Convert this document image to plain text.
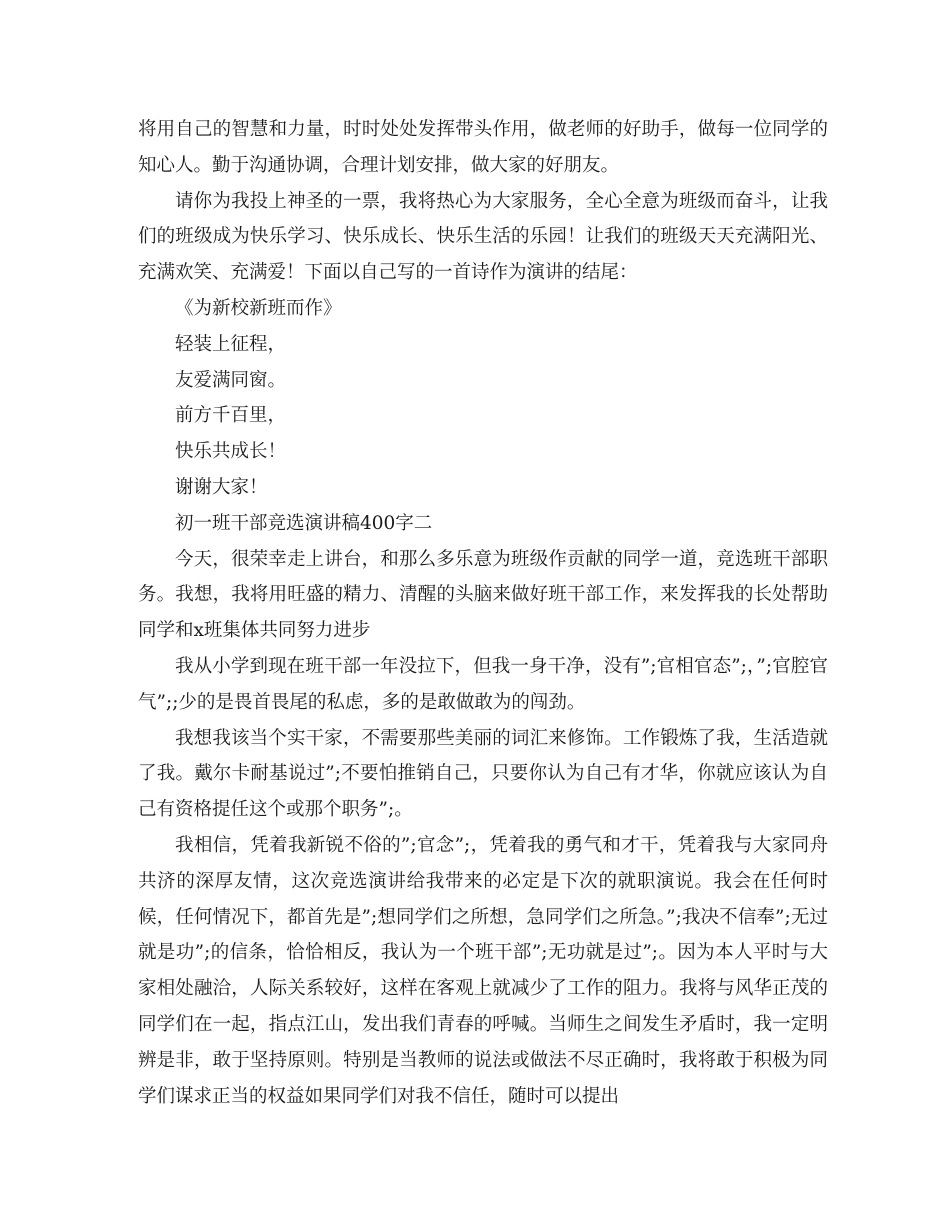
将用自己的智慧和力量，时时处处发挥带头作用，做老师的好助手，做每一位同学的知心人。勤于沟通协调，合理计划安排，做大家的好朋友。

请你为我投上神圣的一票，我将热心为大家服务，全心全意为班级而奋斗，让我们的班级成为快乐学习、快乐成长、快乐生活的乐园！让我们的班级天天充满阳光、充满欢笑、充满爱！下面以自己写的一首诗作为演讲的结尾：

《为新校新班而作》

轻装上征程，

友爱满同窗。

前方千百里，

快乐共成长！

谢谢大家！

初一班干部竞选演讲稿400字二

今天，很荣幸走上讲台，和那么多乐意为班级作贡献的同学一道，竞选班干部职务。我想，我将用旺盛的精力、清醒的头脑来做好班干部工作，来发挥我的长处帮助同学和x班集体共同努力进步

我从小学到现在班干部一年没拉下，但我一身干净，没有”;官相官态”;，”;官腔官气”;;少的是畏首畏尾的私虑，多的是敢做敢为的闯劲。

我想我该当个实干家，不需要那些美丽的词汇来修饰。工作锻炼了我，生活造就了我。戴尔卡耐基说过”;不要怕推销自己，只要你认为自己有才华，你就应该认为自己有资格提任这个或那个职务”;。

我相信，凭着我新锐不俗的”;官念”;，凭着我的勇气和才干，凭着我与大家同舟共济的深厚友情，这次竞选演讲给我带来的必定是下次的就职演说。我会在任何时候，任何情况下，都首先是”;想同学们之所想，急同学们之所急。”;我决不信奉”;无过就是功”;的信条，恰恰相反，我认为一个班干部”;无功就是过”;。因为本人平时与大家相处融洽，人际关系较好，这样在客观上就减少了工作的阻力。我将与风华正茂的同学们在一起，指点江山，发出我们青春的呼喊。当师生之间发生矛盾时，我一定明辨是非，敢于坚持原则。特别是当教师的说法或做法不尽正确时，我将敢于积极为同学们谋求正当的权益如果同学们对我不信任，随时可以提出
